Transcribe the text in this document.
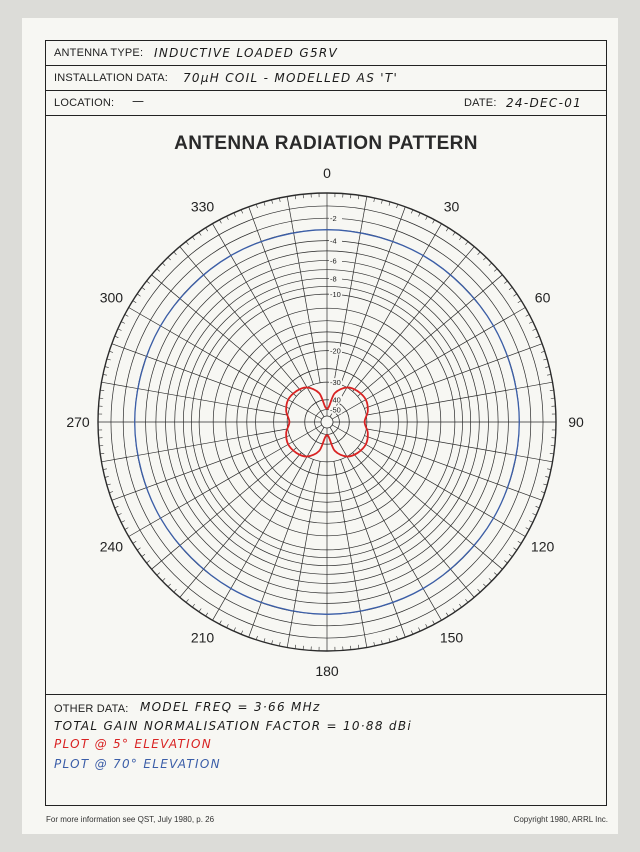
ANTENNA TYPE: INDUCTIVE LOADED G5RV
INSTALLATION DATA: 70µH COIL - MODELLED AS 'T'
LOCATION: —	DATE: 24-DEC-01
ANTENNA RADIATION PATTERN
-2
-4
-6
-8
-10
-20
-30
-40
-50
0
30
60
90
120
150
180
210
240
270
300
330
OTHER DATA: MODEL FREQ = 3·66 MHz
TOTAL GAIN NORMALISATION FACTOR = 10·88 dBi
PLOT @ 5° ELEVATION
PLOT @ 70° ELEVATION
For more information see QST, July 1980, p. 26	Copyright 1980, ARRL Inc.
